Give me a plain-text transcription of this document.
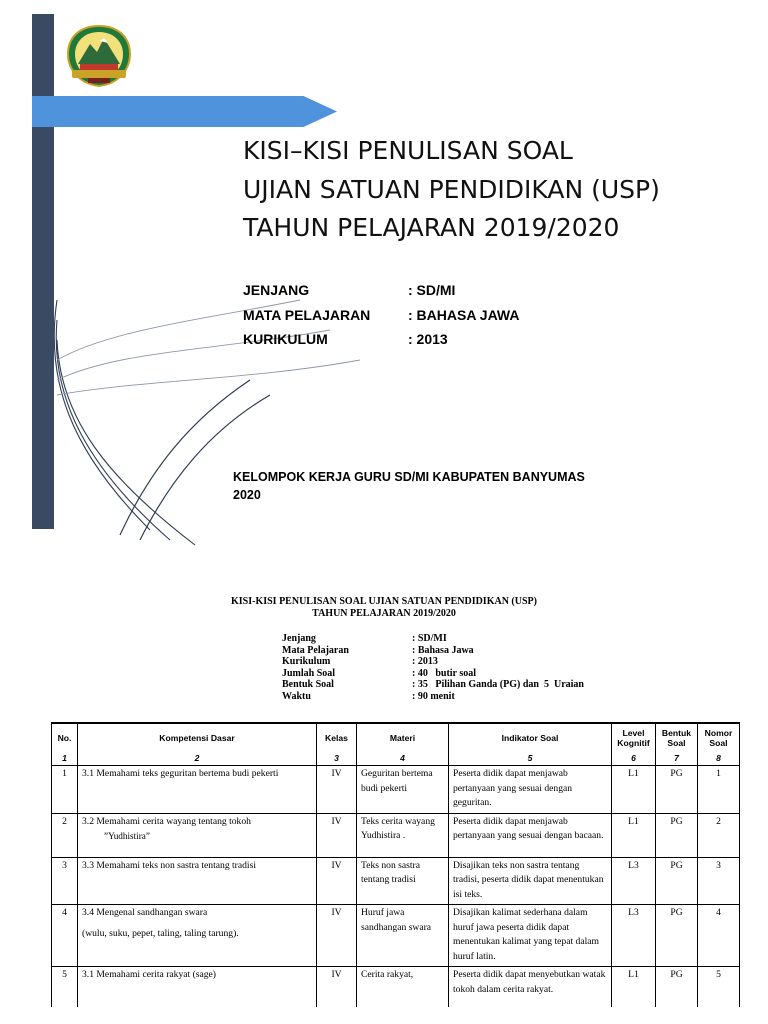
KISI–KISI PENULISAN SOAL
UJIAN SATUAN PENDIDIKAN (USP)
TAHUN PELAJARAN 2019/2020
JENJANG	: SD/MI
MATA PELAJARAN	: BAHASA JAWA
KURIKULUM	: 2013
KELOMPOK KERJA GURU SD/MI KABUPATEN BANYUMAS
2020
KISI-KISI PENULISAN SOAL UJIAN SATUAN PENDIDIKAN (USP)
TAHUN PELAJARAN 2019/2020
Jenjang	: SD/MI
Mata Pelajaran	: Bahasa Jawa
Kurikulum	: 2013
Jumlah Soal	: 40   butir soal
Bentuk Soal	: 35   Pilihan Ganda (PG) dan  5  Uraian
Waktu	: 90 menit
No.	Kompetensi Dasar	Kelas	Materi	Indikator Soal	Level Kognitif	Bentuk Soal	Nomor Soal
1	2	3	4	5	6	7	8
1	3.1 Memahami teks geguritan bertema budi pekerti	IV	Geguritan bertema budi pekerti	Peserta didik dapat menjawab pertanyaan yang sesuai dengan geguritan.	L1	PG	1
2	3.2 Memahami cerita wayang tentang tokoh
”Yudhistira”	IV	Teks cerita wayang Yudhistira .	Peserta didik dapat menjawab pertanyaan yang sesuai dengan bacaan.	L1	PG	2
3	3.3 Memahami teks non sastra tentang tradisi	IV	Teks non sastra tentang tradisi	Disajikan teks non sastra tentang tradisi, peserta didik dapat menentukan isi teks.	L3	PG	3
4	3.4 Mengenal sandhangan swara
(wulu, suku, pepet, taling, taling tarung).	IV	Huruf jawa sandhangan swara	Disajikan kalimat sederhana dalam huruf jawa peserta didik dapat menentukan kalimat yang tepat dalam huruf latin.	L3	PG	4
5	3.1 Memahami cerita rakyat (sage)	IV	Cerita rakyat,	Peserta didik dapat menyebutkan watak tokoh dalam cerita rakyat.	L1	PG	5
